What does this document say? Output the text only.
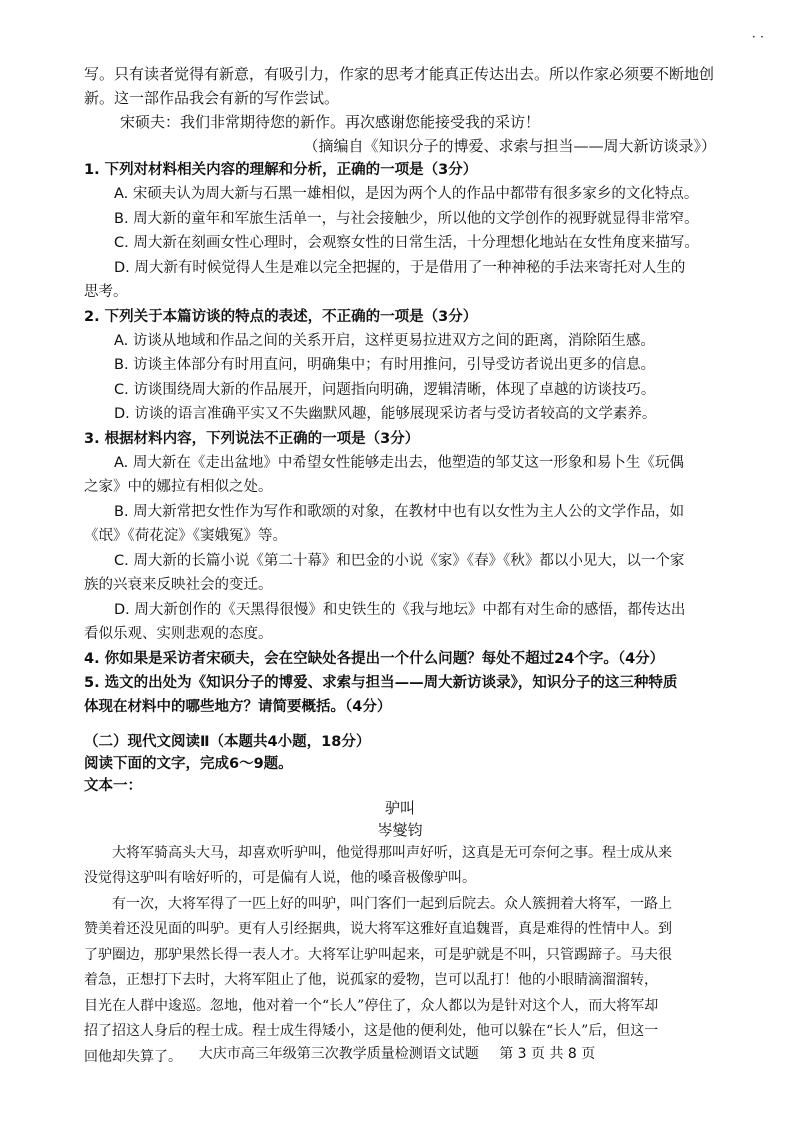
· ·
写。只有读者觉得有新意，有吸引力，作家的思考才能真正传达出去。所以作家必须要不断地创
新。这一部作品我会有新的写作尝试。
宋硕夫：我们非常期待您的新作。再次感谢您能接受我的采访！
（摘编自《知识分子的博爱、求索与担当——周大新访谈录》）

1. 下列对材料相关内容的理解和分析，正确的一项是（3分）

A. 宋硕夫认为周大新与石黑一雄相似，是因为两个人的作品中都带有很多家乡的文化特点。

B. 周大新的童年和军旅生活单一，与社会接触少，所以他的文学创作的视野就显得非常窄。

C. 周大新在刻画女性心理时，会观察女性的日常生活，十分理想化地站在女性角度来描写。

D. 周大新有时候觉得人生是难以完全把握的，于是借用了一种神秘的手法来寄托对人生的

思考。

2. 下列关于本篇访谈的特点的表述，不正确的一项是（3分）

A. 访谈从地域和作品之间的关系开启，这样更易拉进双方之间的距离，消除陌生感。

B. 访谈主体部分有时用直问，明确集中；有时用推问，引导受访者说出更多的信息。

C. 访谈围绕周大新的作品展开，问题指向明确，逻辑清晰，体现了卓越的访谈技巧。

D. 访谈的语言准确平实又不失幽默风趣，能够展现采访者与受访者较高的文学素养。

3. 根据材料内容，下列说法不正确的一项是（3分）

A. 周大新在《走出盆地》中希望女性能够走出去，他塑造的邹艾这一形象和易卜生《玩偶

之家》中的娜拉有相似之处。

B. 周大新常把女性作为写作和歌颂的对象，在教材中也有以女性为主人公的文学作品，如

《氓》《荷花淀》《窦娥冤》等。

C. 周大新的长篇小说《第二十幕》和巴金的小说《家》《春》《秋》都以小见大，以一个家

族的兴衰来反映社会的变迁。

D. 周大新创作的《天黑得很慢》和史铁生的《我与地坛》中都有对生命的感悟，都传达出

看似乐观、实则悲观的态度。

4. 你如果是采访者宋硕夫，会在空缺处各提出一个什么问题？每处不超过24个字。（4分）

5. 选文的出处为《知识分子的博爱、求索与担当——周大新访谈录》，知识分子的这三种特质

体现在材料中的哪些地方？请简要概括。（4分）

（二）现代文阅读Ⅱ（本题共4小题，18分）

阅读下面的文字，完成6～9题。

文本一：

驴叫

岑燮钧

大将军骑高头大马，却喜欢听驴叫，他觉得那叫声好听，这真是无可奈何之事。程士成从来

没觉得这驴叫有啥好听的，可是偏有人说，他的嗓音极像驴叫。

有一次，大将军得了一匹上好的叫驴，叫门客们一起到后院去。众人簇拥着大将军，一路上

赞美着还没见面的叫驴。更有人引经据典，说大将军这雅好直追魏晋，真是难得的性情中人。到

了驴圈边，那驴果然长得一表人才。大将军让驴叫起来，可是驴就是不叫，只管踢蹄子。马夫很

着急，正想打下去时，大将军阻止了他，说孤家的爱物，岂可以乱打！他的小眼睛滴溜溜转，

目光在人群中逡巡。忽地，他对着一个“长人”停住了，众人都以为是针对这个人，而大将军却

招了招这人身后的程士成。程士成生得矮小，这是他的便利处，他可以躲在“长人”后，但这一

回他却失算了。	大庆市高三年级第三次教学质量检测语文试题 第 3 页 共 8 页
